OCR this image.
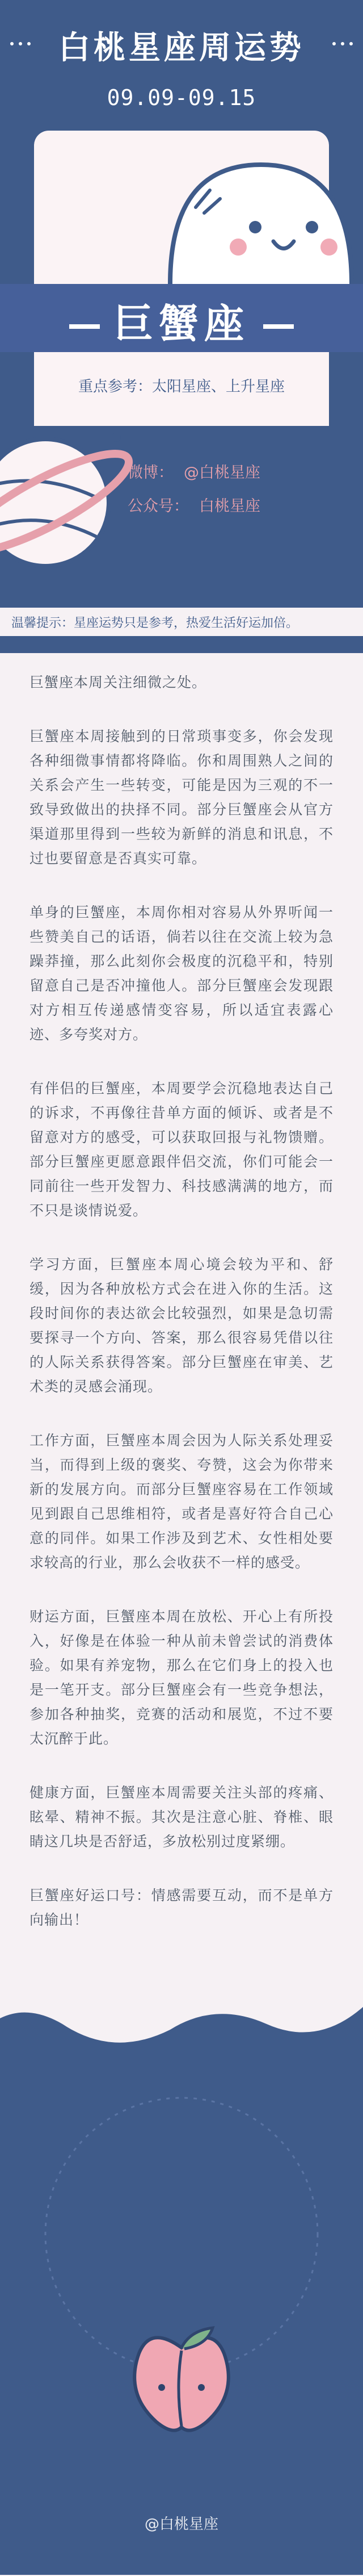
白桃星座周运势
09.09-09.15
巨蟹座
重点参考：太阳星座、上升星座
微博： @白桃星座
公众号： 白桃星座
温馨提示：星座运势只是参考，热爱生活好运加倍。

巨蟹座本周关注细微之处。

巨蟹座本周接触到的日常琐事变多，你会发现各种细微事情都将降临。你和周围熟人之间的关系会产生一些转变，可能是因为三观的不一致导致做出的抉择不同。部分巨蟹座会从官方渠道那里得到一些较为新鲜的消息和讯息，不过也要留意是否真实可靠。

单身的巨蟹座，本周你相对容易从外界听闻一些赞美自己的话语，倘若以往在交流上较为急躁莽撞，那么此刻你会极度的沉稳平和，特别留意自己是否冲撞他人。部分巨蟹座会发现跟对方相互传递感情变容易，所以适宜表露心迹、多夸奖对方。

有伴侣的巨蟹座，本周要学会沉稳地表达自己的诉求，不再像往昔单方面的倾诉、或者是不留意对方的感受，可以获取回报与礼物馈赠。部分巨蟹座更愿意跟伴侣交流，你们可能会一同前往一些开发智力、科技感满满的地方，而不只是谈情说爱。

学习方面，巨蟹座本周心境会较为平和、舒缓，因为各种放松方式会在进入你的生活。这段时间你的表达欲会比较强烈，如果是急切需要探寻一个方向、答案，那么很容易凭借以往的人际关系获得答案。部分巨蟹座在审美、艺术类的灵感会涌现。

工作方面，巨蟹座本周会因为人际关系处理妥当，而得到上级的褒奖、夸赞，这会为你带来新的发展方向。而部分巨蟹座容易在工作领域见到跟自己思维相符，或者是喜好符合自己心意的同伴。如果工作涉及到艺术、女性相处要求较高的行业，那么会收获不一样的感受。

财运方面，巨蟹座本周在放松、开心上有所投入，好像是在体验一种从前未曾尝试的消费体验。如果有养宠物，那么在它们身上的投入也是一笔开支。部分巨蟹座会有一些竞争想法，参加各种抽奖，竞赛的活动和展览，不过不要太沉醉于此。

健康方面，巨蟹座本周需要关注头部的疼痛、眩晕、精神不振。其次是注意心脏、脊椎、眼睛这几块是否舒适，多放松别过度紧绷。

巨蟹座好运口号：情感需要互动，而不是单方向输出！

@白桃星座
